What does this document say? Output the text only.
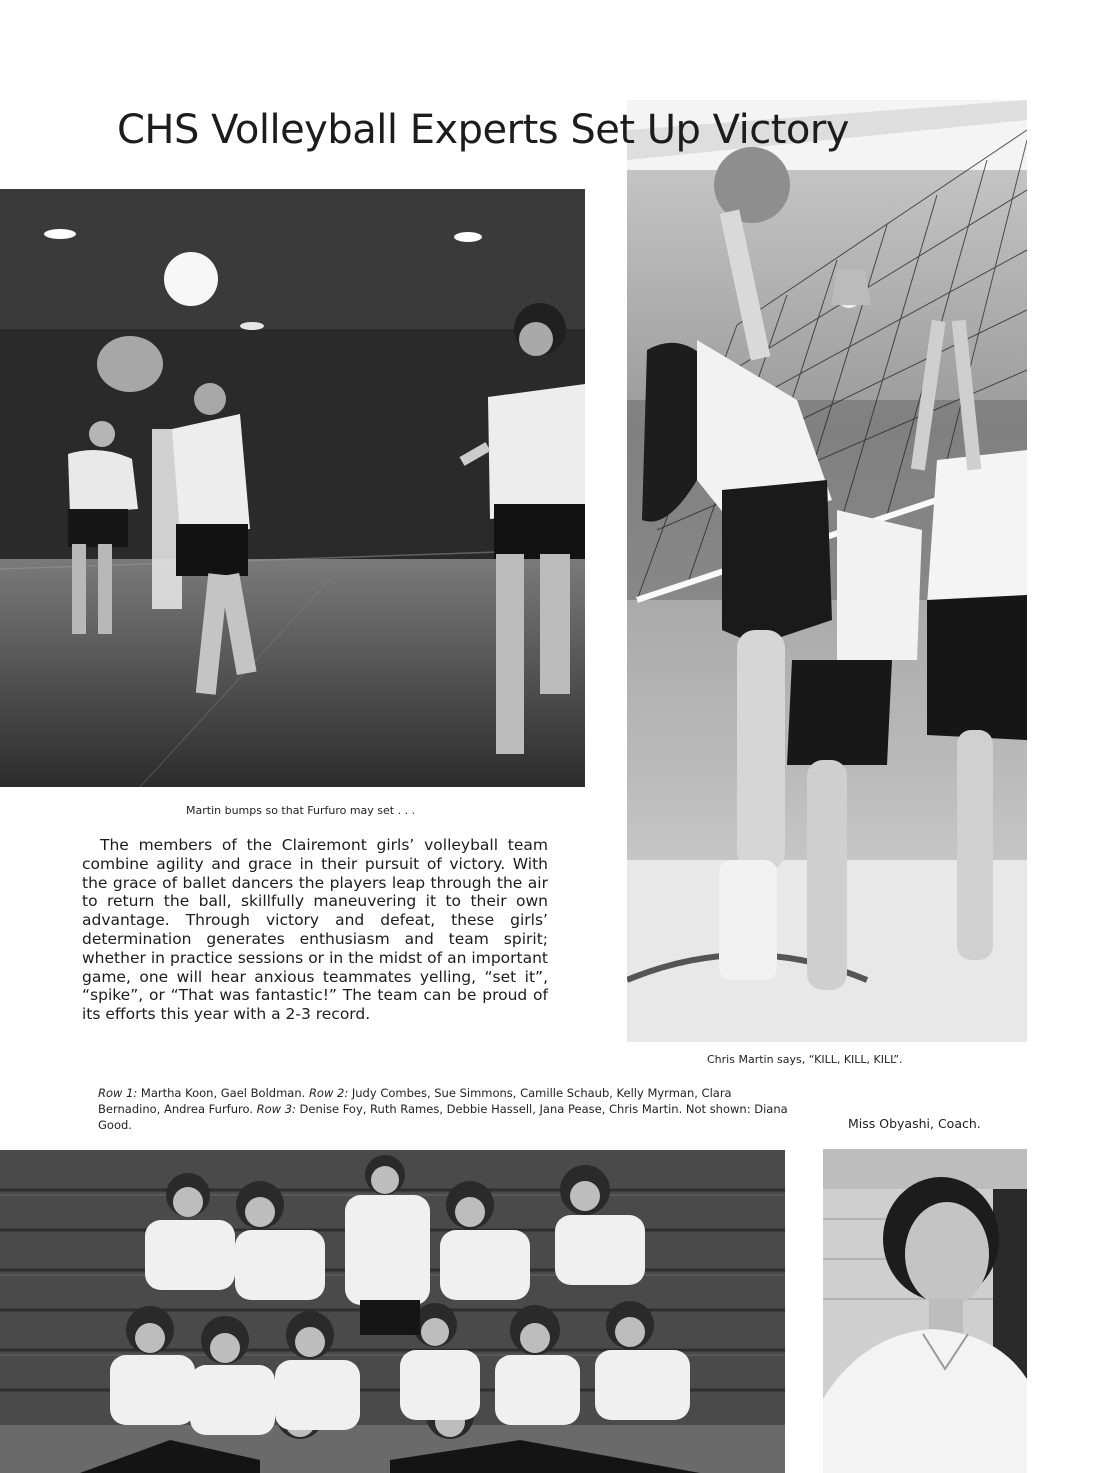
CHS Volleyball Experts Set Up Victory
Martin bumps so that Furfuro may set . . .

The members of the Clairemont girls’ volleyball team combine agility and grace in their pursuit of victory. With the grace of ballet dancers the players leap through the air to return the ball, skillfully maneuvering it to their own advantage. Through victory and defeat, these girls’ determination generates enthusiasm and team spirit; whether in practice sessions or in the midst of an important game, one will hear anxious teammates yelling, “set it”, “spike”, or “That was fantastic!” The team can be proud of its efforts this year with a 2-3 record.

Chris Martin says, “KILL, KILL, KILL”.

Row 1: Martha Koon, Gael Boldman. Row 2: Judy Combes, Sue Simmons, Camille Schaub, Kelly Myrman, Clara Bernadino, Andrea Furfuro. Row 3: Denise Foy, Ruth Rames, Debbie Hassell, Jana Pease, Chris Martin. Not shown: Diana Good.	Miss Obyashi, Coach.
